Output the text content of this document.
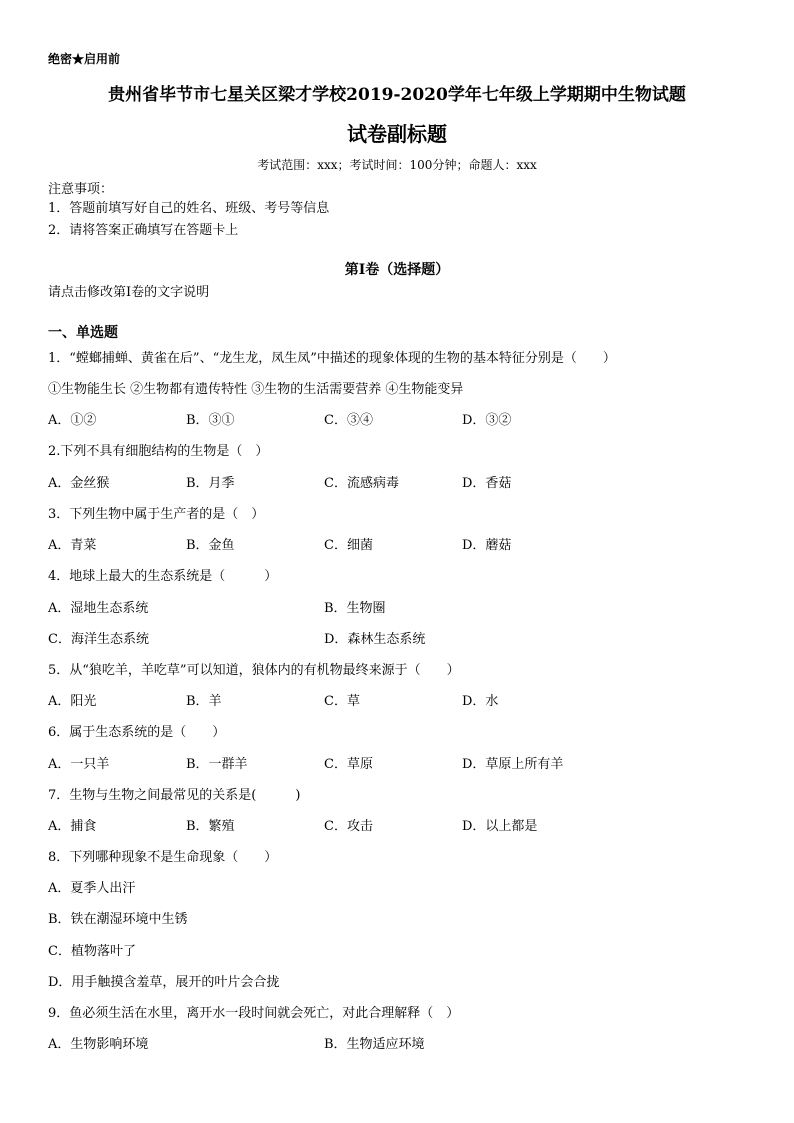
绝密★启用前
贵州省毕节市七星关区梁才学校2019-2020学年七年级上学期期中生物试题
试卷副标题
考试范围：xxx；考试时间：100分钟；命题人：xxx
注意事项：
1．答题前填写好自己的姓名、班级、考号等信息
2．请将答案正确填写在答题卡上
第I卷（选择题）
请点击修改第I卷的文字说明
一、单选题
1．“螳螂捕蝉、黄雀在后”、“龙生龙，凤生凤”中描述的现象体现的生物的基本特征分别是（　　）
①生物能生长 ②生物都有遗传特性 ③生物的生活需要营养 ④生物能变异
A．①②	B．③①	C．③④	D．③②
2.下列不具有细胞结构的生物是（　）
A．金丝猴	B．月季	C．流感病毒	D．香菇
3．下列生物中属于生产者的是（　）
A．青菜	B．金鱼	C．细菌	D．蘑菇
4．地球上最大的生态系统是（　　　）
A．湿地生态系统	B．生物圈
C．海洋生态系统	D．森林生态系统
5．从“狼吃羊，羊吃草”可以知道，狼体内的有机物最终来源于（　　）
A．阳光	B．羊	C．草	D．水
6．属于生态系统的是（　　）
A．一只羊	B．一群羊	C．草原	D．草原上所有羊
7．生物与生物之间最常见的关系是(　　　)
A．捕食	B．繁殖	C．攻击	D．以上都是
8．下列哪种现象不是生命现象（　　）
A．夏季人出汗
B．铁在潮湿环境中生锈
C．植物落叶了
D．用手触摸含羞草，展开的叶片会合拢
9．鱼必须生活在水里，离开水一段时间就会死亡，对此合理解释（　）
A．生物影响环境	B．生物适应环境
